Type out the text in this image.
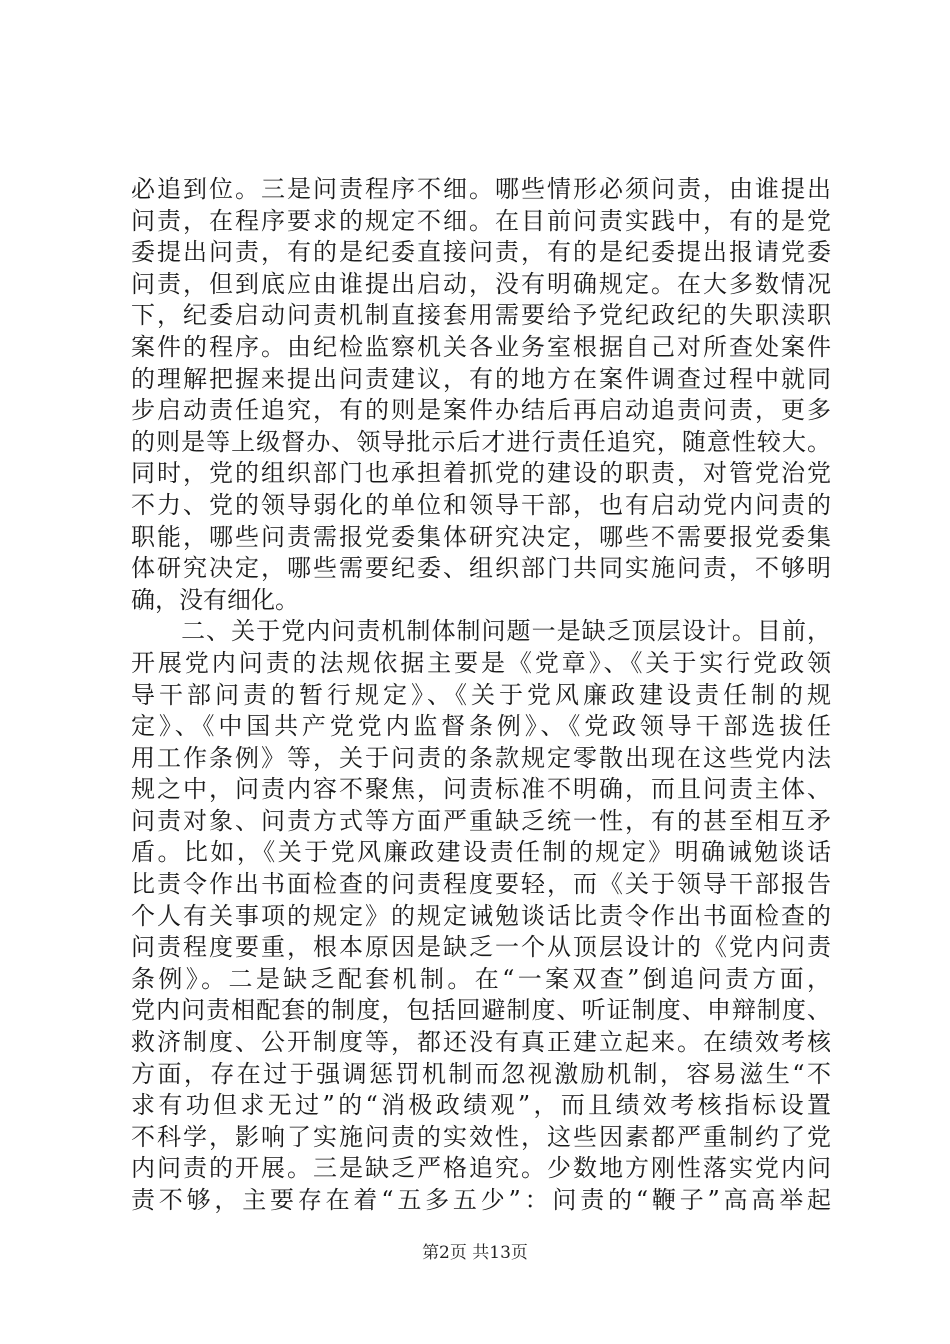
必追到位。三是问责程序不细。哪些情形必须问责，由谁提出
问责，在程序要求的规定不细。在目前问责实践中，有的是党
委提出问责，有的是纪委直接问责，有的是纪委提出报请党委
问责，但到底应由谁提出启动，没有明确规定。在大多数情况
下，纪委启动问责机制直接套用需要给予党纪政纪的失职渎职
案件的程序。由纪检监察机关各业务室根据自己对所查处案件
的理解把握来提出问责建议，有的地方在案件调查过程中就同
步启动责任追究，有的则是案件办结后再启动追责问责，更多
的则是等上级督办、领导批示后才进行责任追究，随意性较大。
同时，党的组织部门也承担着抓党的建设的职责，对管党治党
不力、党的领导弱化的单位和领导干部，也有启动党内问责的
职能，哪些问责需报党委集体研究决定，哪些不需要报党委集
体研究决定，哪些需要纪委、组织部门共同实施问责，不够明
确，没有细化。
　　二、关于党内问责机制体制问题一是缺乏顶层设计。目前，
开展党内问责的法规依据主要是《党章》、《关于实行党政领
导干部问责的暂行规定》、《关于党风廉政建设责任制的规
定》、《中国共产党党内监督条例》、《党政领导干部选拔任
用工作条例》等，关于问责的条款规定零散出现在这些党内法
规之中，问责内容不聚焦，问责标准不明确，而且问责主体、
问责对象、问责方式等方面严重缺乏统一性，有的甚至相互矛
盾。比如，《关于党风廉政建设责任制的规定》明确诫勉谈话
比责令作出书面检查的问责程度要轻，而《关于领导干部报告
个人有关事项的规定》的规定诫勉谈话比责令作出书面检查的
问责程度要重，根本原因是缺乏一个从顶层设计的《党内问责
条例》。二是缺乏配套机制。在“一案双查”倒追问责方面，
党内问责相配套的制度，包括回避制度、听证制度、申辩制度、
救济制度、公开制度等，都还没有真正建立起来。在绩效考核
方面，存在过于强调惩罚机制而忽视激励机制，容易滋生“不
求有功但求无过”的“消极政绩观”，而且绩效考核指标设置
不科学，影响了实施问责的实效性，这些因素都严重制约了党
内问责的开展。三是缺乏严格追究。少数地方刚性落实党内问
责不够，主要存在着“五多五少”：问责的“鞭子”高高举起
第2页 共13页
